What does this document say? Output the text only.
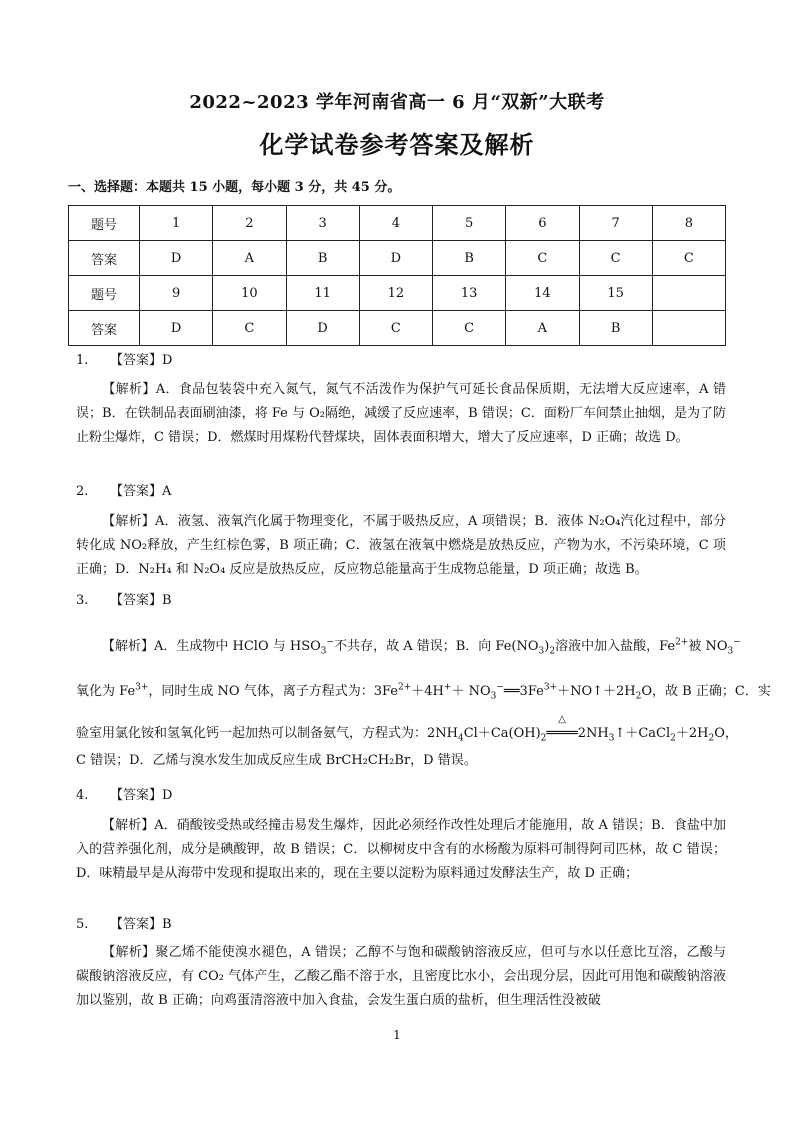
2022~2023 学年河南省高一 6 月“双新”大联考
化学试卷参考答案及解析
一、选择题：本题共 15 小题，每小题 3 分，共 45 分。
题号	1	2	3	4	5	6	7	8
答案	D	A	B	D	B	C	C	C
题号	9	10	11	12	13	14	15	
答案	D	C	D	C	C	A	B	
1. 【答案】D
【解析】A．食品包装袋中充入氮气，氮气不活泼作为保护气可延长食品保质期，无法增大反应速率，A 错误；B．在铁制品表面刷油漆，将 Fe 与 O₂隔绝，减缓了反应速率，B 错误；C．面粉厂车间禁止抽烟，是为了防止粉尘爆炸，C 错误；D．燃煤时用煤粉代替煤块，固体表面积增大，增大了反应速率，D 正确；故选 D。
2. 【答案】A
【解析】A．液氢、液氧汽化属于物理变化，不属于吸热反应，A 项错误；B．液体 N₂O₄汽化过程中，部分转化成 NO₂释放，产生红棕色雾，B 项正确；C．液氢在液氧中燃烧是放热反应，产物为水，不污染环境，C 项正确；D．N₂H₄ 和 N₂O₄ 反应是放热反应，反应物总能量高于生成物总能量，D 项正确；故选 B。
3. 【答案】B
【解析】A．生成物中 HClO 与 $HSO_3^-$不共存，故 A 错误；B．向 $Fe(NO_3)_2$溶液中加入盐酸，$Fe^{2+}$被 $NO_3^-$
氧化为 $Fe^{3+}$，同时生成 NO 气体，离子方程式为：$3Fe^{2+}+4H^++$ $NO_3^-══3Fe^{3+}+NO↑+2H_2O$，故 B 正确；C．实
验室用氯化铵和氢氧化钙一起加热可以制备氨气，方程式为：$2NH_4Cl+Ca(OH)_2$
△
$════2NH_3↑+CaCl_2+2H_2O$，
C 错误；D．乙烯与溴水发生加成反应生成 BrCH₂CH₂Br，D 错误。
4. 【答案】D
【解析】A．硝酸铵受热或经撞击易发生爆炸，因此必须经作改性处理后才能施用，故 A 错误；B．食盐中加入的营养强化剂，成分是碘酸钾，故 B 错误；C．以柳树皮中含有的水杨酸为原料可制得阿司匹林，故 C 错误；D．味精最早是从海带中发现和提取出来的，现在主要以淀粉为原料通过发酵法生产，故 D 正确；
5. 【答案】B
【解析】聚乙烯不能使溴水褪色，A 错误；乙醇不与饱和碳酸钠溶液反应，但可与水以任意比互溶，乙酸与碳酸钠溶液反应，有 CO₂ 气体产生，乙酸乙酯不溶于水，且密度比水小，会出现分层，因此可用饱和碳酸钠溶液加以鉴别，故 B 正确；向鸡蛋清溶液中加入食盐，会发生蛋白质的盐析，但生理活性没被破
1
